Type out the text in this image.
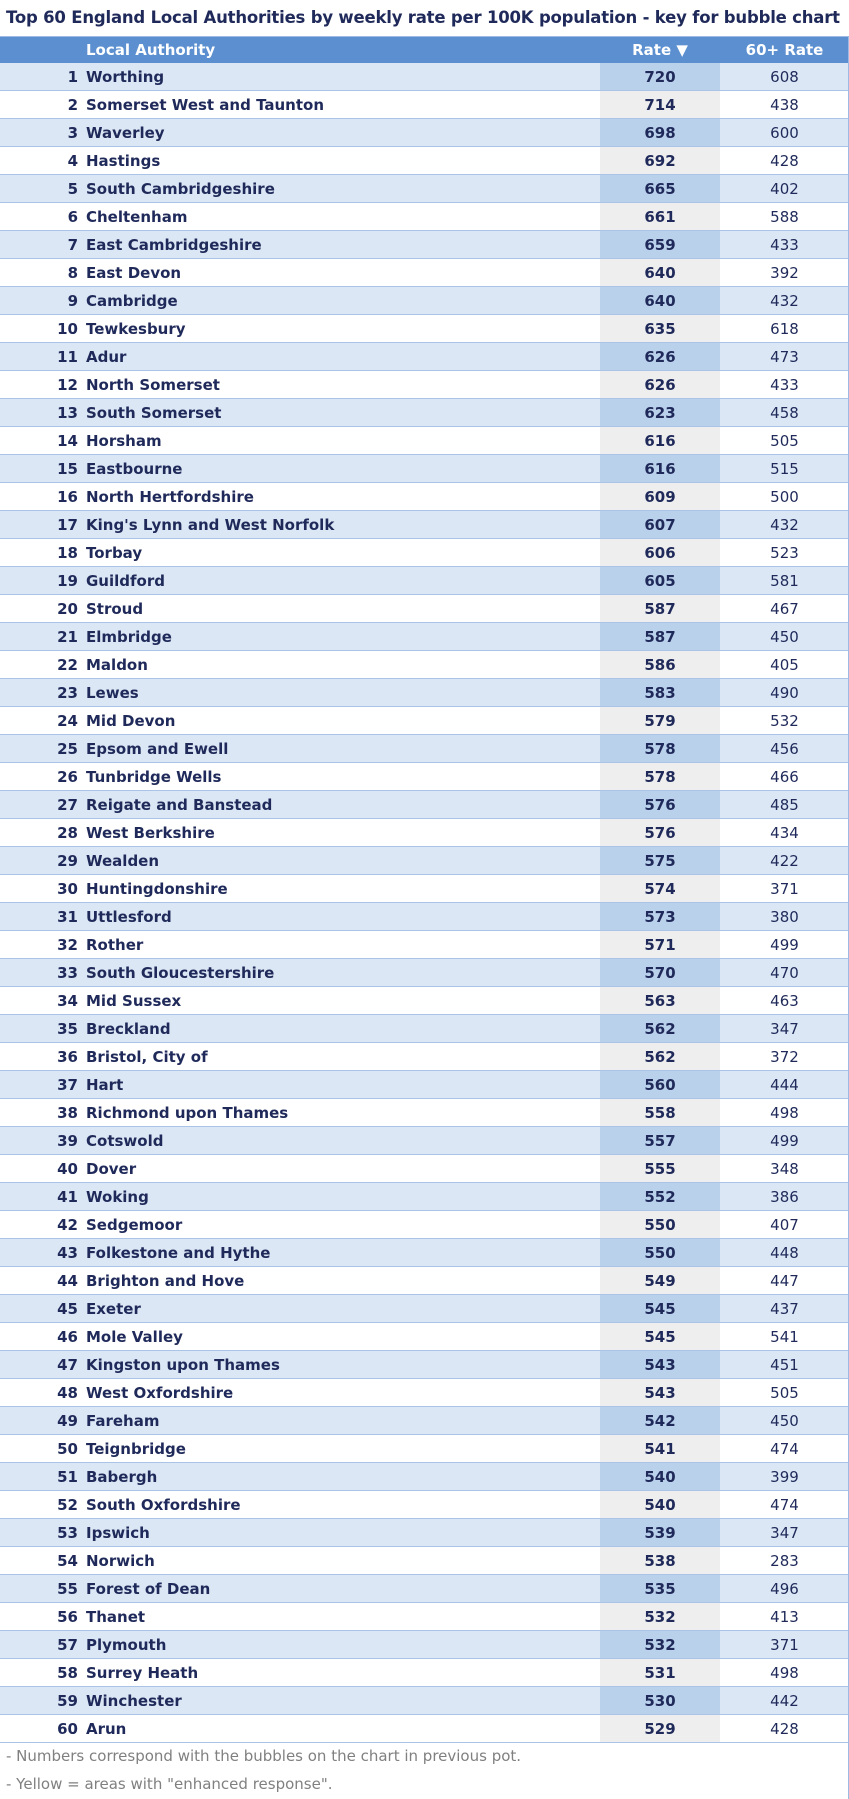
Top 60 England Local Authorities by weekly rate per 100K population - key for bubble chart
Local Authority	Rate ▼	60+ Rate
1 Worthing	720	608
2 Somerset West and Taunton	714	438
3 Waverley	698	600
4 Hastings	692	428
5 South Cambridgeshire	665	402
6 Cheltenham	661	588
7 East Cambridgeshire	659	433
8 East Devon	640	392
9 Cambridge	640	432
10 Tewkesbury	635	618
11 Adur	626	473
12 North Somerset	626	433
13 South Somerset	623	458
14 Horsham	616	505
15 Eastbourne	616	515
16 North Hertfordshire	609	500
17 King's Lynn and West Norfolk	607	432
18 Torbay	606	523
19 Guildford	605	581
20 Stroud	587	467
21 Elmbridge	587	450
22 Maldon	586	405
23 Lewes	583	490
24 Mid Devon	579	532
25 Epsom and Ewell	578	456
26 Tunbridge Wells	578	466
27 Reigate and Banstead	576	485
28 West Berkshire	576	434
29 Wealden	575	422
30 Huntingdonshire	574	371
31 Uttlesford	573	380
32 Rother	571	499
33 South Gloucestershire	570	470
34 Mid Sussex	563	463
35 Breckland	562	347
36 Bristol, City of	562	372
37 Hart	560	444
38 Richmond upon Thames	558	498
39 Cotswold	557	499
40 Dover	555	348
41 Woking	552	386
42 Sedgemoor	550	407
43 Folkestone and Hythe	550	448
44 Brighton and Hove	549	447
45 Exeter	545	437
46 Mole Valley	545	541
47 Kingston upon Thames	543	451
48 West Oxfordshire	543	505
49 Fareham	542	450
50 Teignbridge	541	474
51 Babergh	540	399
52 South Oxfordshire	540	474
53 Ipswich	539	347
54 Norwich	538	283
55 Forest of Dean	535	496
56 Thanet	532	413
57 Plymouth	532	371
58 Surrey Heath	531	498
59 Winchester	530	442
60 Arun	529	428
- Numbers correspond with the bubbles on the chart in previous pot.
- Yellow = areas with "enhanced response".
